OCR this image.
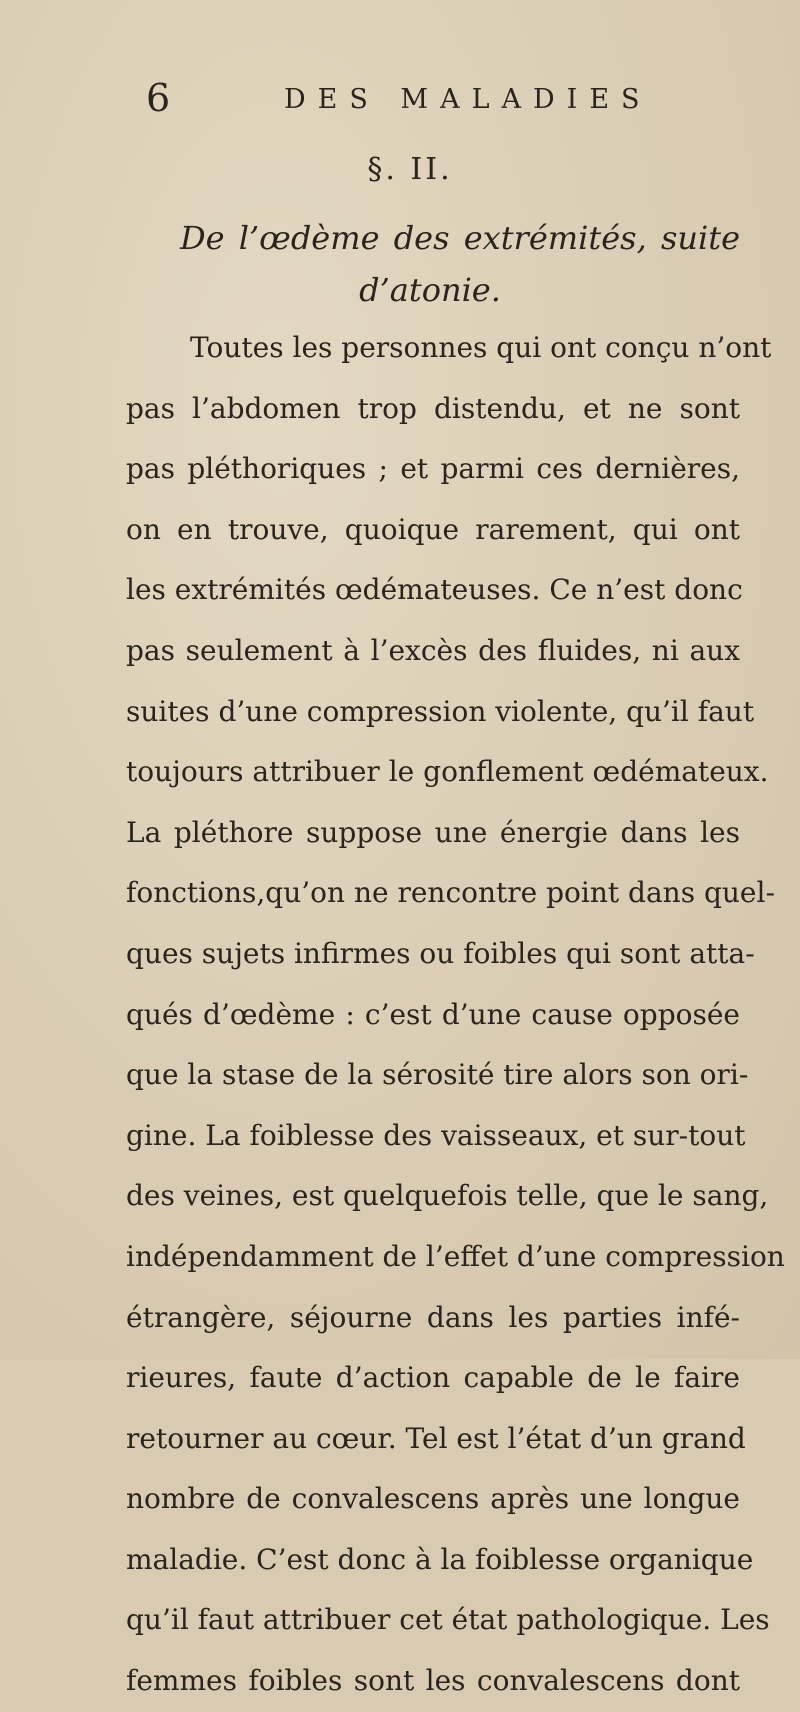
6	DES MALADIES
§. II.
De l’œdème des extrémités, suite
d’atonie.
Toutes les personnes qui ont conçu n’ont
pas l’abdomen trop distendu, et ne sont
pas pléthoriques ; et parmi ces dernières,
on en trouve, quoique rarement, qui ont
les extrémités œdémateuses. Ce n’est donc
pas seulement à l’excès des fluides, ni aux
suites d’une compression violente, qu’il faut
toujours attribuer le gonflement œdémateux.
La pléthore suppose une énergie dans les
fonctions,qu’on ne rencontre point dans quel-
ques sujets infirmes ou foibles qui sont atta-
qués d’œdème : c’est d’une cause opposée
que la stase de la sérosité tire alors son ori-
gine. La foiblesse des vaisseaux, et sur-tout
des veines, est quelquefois telle, que le sang,
indépendamment de l’effet d’une compression
étrangère, séjourne dans les parties infé-
rieures, faute d’action capable de le faire
retourner au cœur. Tel est l’état d’un grand
nombre de convalescens après une longue
maladie. C’est donc à la foiblesse organique
qu’il faut attribuer cet état pathologique. Les
femmes foibles sont les convalescens dont
